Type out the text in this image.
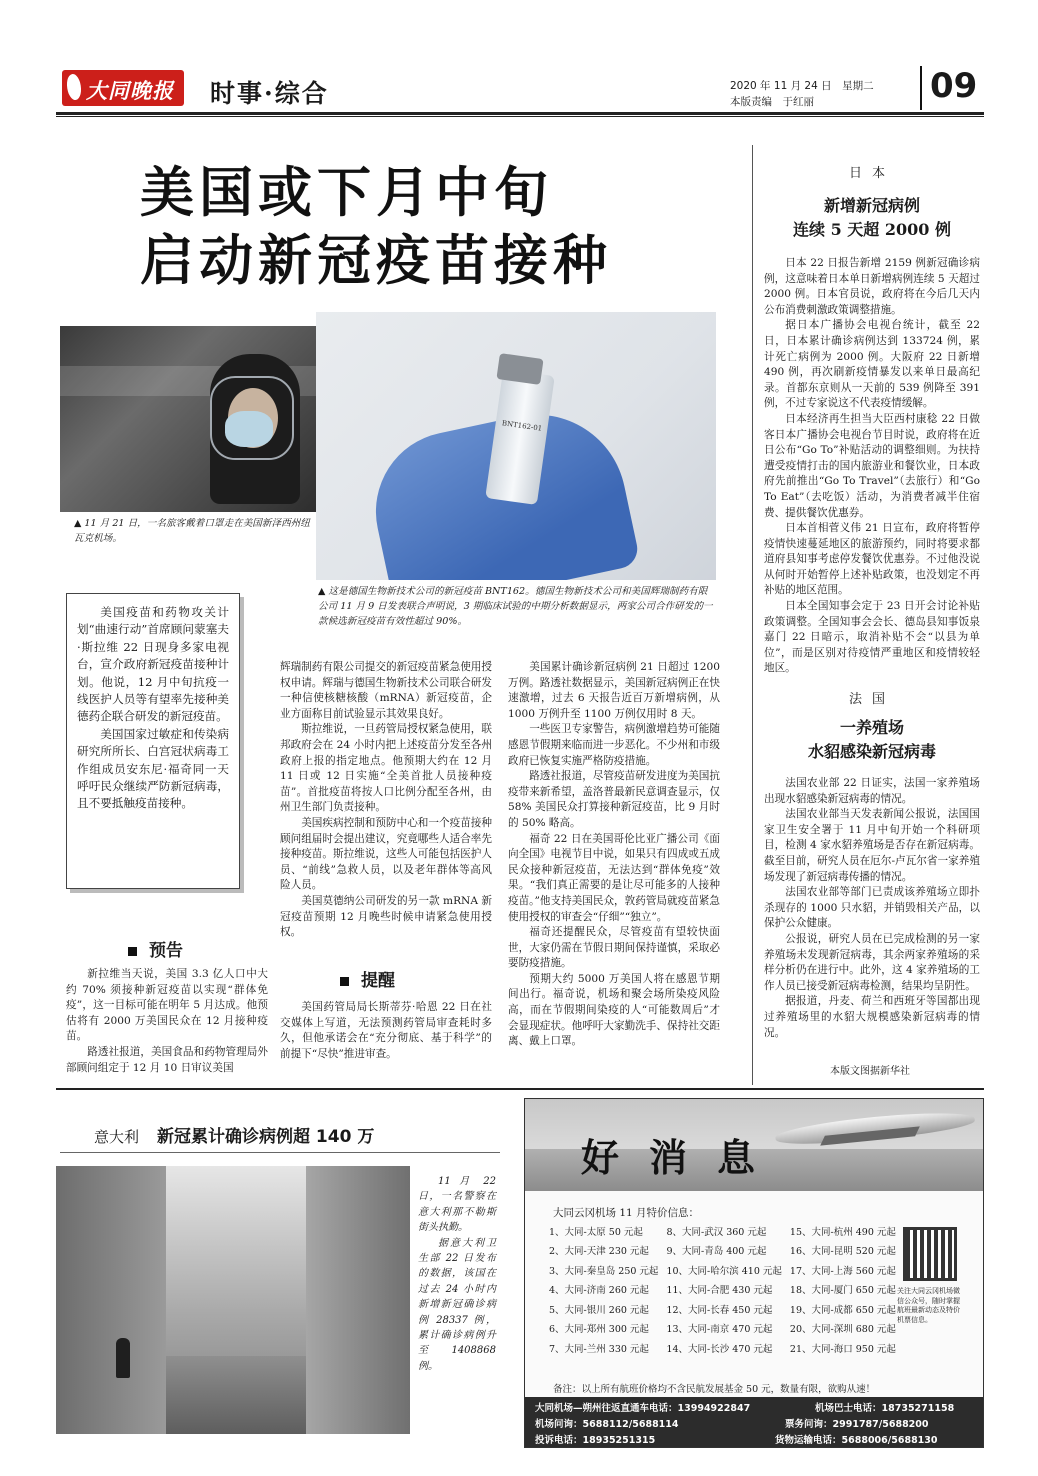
大同晚报 时事·综合	2020 年 11 月 24 日　星期二
本版责编　于红丽	09
美国或下月中旬
启动新冠疫苗接种
BNT162-01
▲ 11 月 21 日，一名旅客戴着口罩走在美国新泽西州纽瓦克机场。
▲ 这是德国生物新技术公司的新冠疫苗 BNT162。德国生物新技术公司和美国辉瑞制药有限公司 11 月 9 日发表联合声明说，3 期临床试验的中期分析数据显示，两家公司合作研发的一款候选新冠疫苗有效性超过 90%。

美国疫苗和药物攻关计划“曲速行动”首席顾问蒙塞夫·斯拉维 22 日现身多家电视台，宣介政府新冠疫苗接种计划。他说，12 月中旬抗疫一线医护人员等有望率先接种美德药企联合研发的新冠疫苗。

美国国家过敏症和传染病研究所所长、白宫冠状病毒工作组成员安东尼·福奇同一天呼吁民众继续严防新冠病毒，且不要抵触疫苗接种。

辉瑞制药有限公司提交的新冠疫苗紧急使用授权申请。辉瑞与德国生物新技术公司联合研发一种信使核糖核酸（mRNA）新冠疫苗，企业方面称目前试验显示其效果良好。

斯拉维说，一旦药管局授权紧急使用，联邦政府会在 24 小时内把上述疫苗分发至各州政府上报的指定地点。他预期大约在 12 月 11 日或 12 日实施“全美首批人员接种疫苗”。首批疫苗将按人口比例分配至各州，由州卫生部门负责接种。

美国疾病控制和预防中心和一个疫苗接种顾问组届时会提出建议，究竟哪些人适合率先接种疫苗。斯拉维说，这些人可能包括医护人员、“前线”急救人员，以及老年群体等高风险人员。

美国莫德纳公司研发的另一款 mRNA 新冠疫苗预期 12 月晚些时候申请紧急使用授权。

美国累计确诊新冠病例 21 日超过 1200 万例。路透社数据显示，美国新冠病例正在快速激增，过去 6 天报告近百万新增病例，从 1000 万例升至 1100 万例仅用时 8 天。

一些医卫专家警告，病例激增趋势可能随感恩节假期来临而进一步恶化。不少州和市级政府已恢复实施严格防疫措施。

路透社报道，尽管疫苗研发进度为美国抗疫带来新希望，盖洛普最新民意调查显示，仅 58% 美国民众打算接种新冠疫苗，比 9 月时的 50% 略高。

福奇 22 日在美国哥伦比亚广播公司《面向全国》电视节目中说，如果只有四成或五成民众接种新冠疫苗，无法达到“群体免疫”效果。“我们真正需要的是让尽可能多的人接种疫苗。”他支持美国民众，敦药管局就疫苗紧急使用授权的审查会“仔细”“独立”。

福奇还提醒民众，尽管疫苗有望较快面世，大家仍需在节假日期间保持谨慎，采取必要防疫措施。

预期大约 5000 万美国人将在感恩节期间出行。福奇说，机场和聚会场所染疫风险高，而在节假期间染疫的人“可能数周后”才会显现症状。他呼吁大家勤洗手、保持社交距离、戴上口罩。

预告

新拉维当天说，美国 3.3 亿人口中大约 70% 须接种新冠疫苗以实现“群体免疫”，这一目标可能在明年 5 月达成。他预估将有 2000 万美国民众在 12 月接种疫苗。

路透社报道，美国食品和药物管理局外部顾问组定于 12 月 10 日审议美国

提醒

美国药管局局长斯蒂芬·哈恩 22 日在社交媒体上写道，无法预测药管局审查耗时多久，但他承诺会在“充分彻底、基于科学”的前提下“尽快”推进审查。

日本
新增新冠病例
连续 5 天超 2000 例

日本 22 日报告新增 2159 例新冠确诊病例，这意味着日本单日新增病例连续 5 天超过 2000 例。日本官员说，政府将在今后几天内公布消费刺激政策调整措施。

据日本广播协会电视台统计，截至 22 日，日本累计确诊病例达到 133724 例，累计死亡病例为 2000 例。大阪府 22 日新增 490 例，再次刷新疫情暴发以来单日最高纪录。首都东京则从一天前的 539 例降至 391 例，不过专家说这不代表疫情缓解。

日本经济再生担当大臣西村康稔 22 日做客日本广播协会电视台节目时说，政府将在近日公布“Go To”补贴活动的调整细则。为扶持遭受疫情打击的国内旅游业和餐饮业，日本政府先前推出“Go To Travel”（去旅行）和“Go To Eat”（去吃饭）活动，为消费者减半住宿费、提供餐饮优惠券。

日本首相菅义伟 21 日宣布，政府将暂停疫情快速蔓延地区的旅游预约，同时将要求都道府县知事考虑停发餐饮优惠券。不过他没说从何时开始暂停上述补贴政策，也没划定不再补贴的地区范围。

日本全国知事会定于 23 日开会讨论补贴政策调整。全国知事会会长、德岛县知事饭泉嘉门 22 日暗示，取消补贴不会“以县为单位”，而是区别对待疫情严重地区和疫情较轻地区。

法国
一养殖场
水貂感染新冠病毒

法国农业部 22 日证实，法国一家养殖场出现水貂感染新冠病毒的情况。

法国农业部当天发表新闻公报说，法国国家卫生安全署于 11 月中旬开始一个科研项目，检测 4 家水貂养殖场是否存在新冠病毒。截至目前，研究人员在厄尔-卢瓦尔省一家养殖场发现了新冠病毒传播的情况。

法国农业部等部门已责成该养殖场立即扑杀现存的 1000 只水貂，并销毁相关产品，以保护公众健康。

公报说，研究人员在已完成检测的另一家养殖场未发现新冠病毒，其余两家养殖场的采样分析仍在进行中。此外，这 4 家养殖场的工作人员已接受新冠病毒检测，结果均呈阴性。

据报道，丹麦、荷兰和西班牙等国都出现过养殖场里的水貂大规模感染新冠病毒的情况。

本版文图据新华社
意大利 新冠累计确诊病例超 140 万
11 月 22 日，一名警察在意大利那不勒斯街头执勤。
据意大利卫生部 22 日发布的数据，该国在过去 24 小时内新增新冠确诊病例 28337 例，累计确诊病例升至 1408868 例。
好消息
大同云冈机场 11 月特价信息：
1、大同-太原 50 元起	8、大同-武汉 360 元起	15、大同-杭州 490 元起
2、大同-天津 230 元起	9、大同-青岛 400 元起	16、大同-昆明 520 元起
3、大同-秦皇岛 250 元起	10、大同-哈尔滨 410 元起	17、大同-上海 560 元起
4、大同-济南 260 元起	11、大同-合肥 430 元起	18、大同-厦门 650 元起
5、大同-银川 260 元起	12、大同-长春 450 元起	19、大同-成都 650 元起
6、大同-郑州 300 元起	13、大同-南京 470 元起	20、大同-深圳 680 元起
7、大同-兰州 330 元起	14、大同-长沙 470 元起	21、大同-海口 950 元起
关注大同云冈机场微信公众号，随时掌握航班最新动态及特价机票信息。
备注：以上所有航班价格均不含民航发展基金 50 元，数量有限，欲购从速！
大同机场—朔州往返直通车电话：13994922847	机场巴士电话：18735271158
机场问询：5688112/5688114	票务问询：2991787/5688200
投诉电话：18935251315	货物运输电话：5688006/5688130
